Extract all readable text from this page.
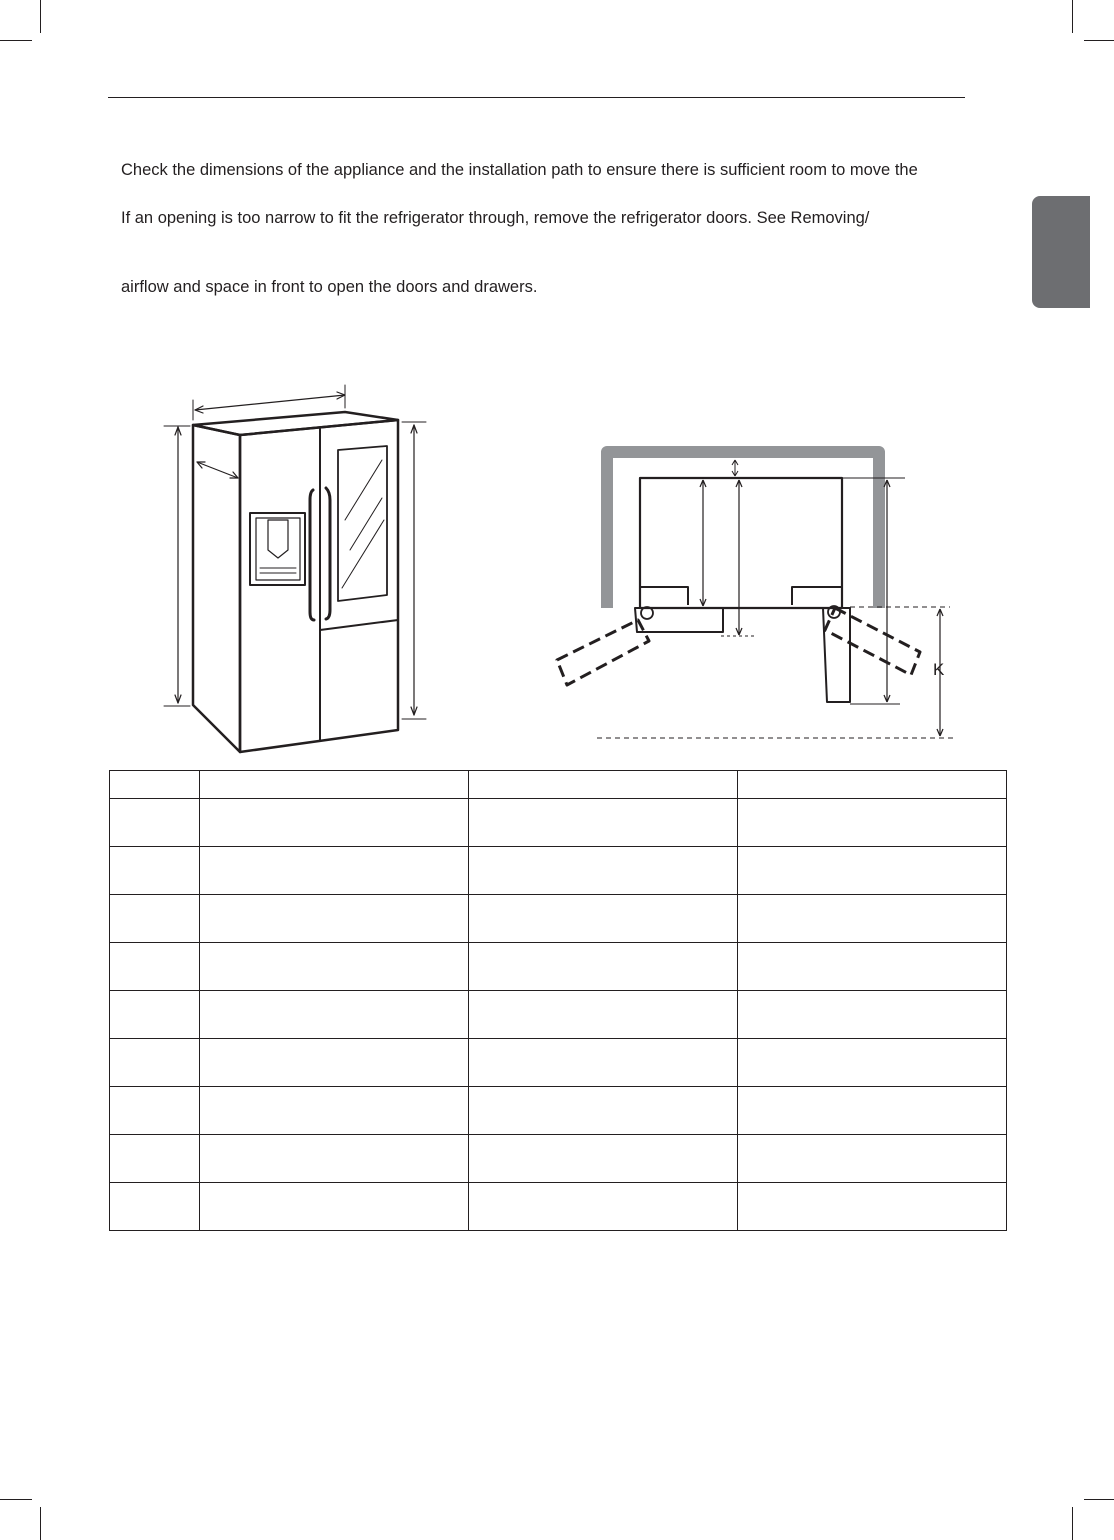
Check the dimensions of the appliance and the installation path to ensure there is sufficient room to move the

If an opening is too narrow to fit the refrigerator through, remove the refrigerator doors. See Removing/

airflow and space in front to open the doors and drawers.

K
